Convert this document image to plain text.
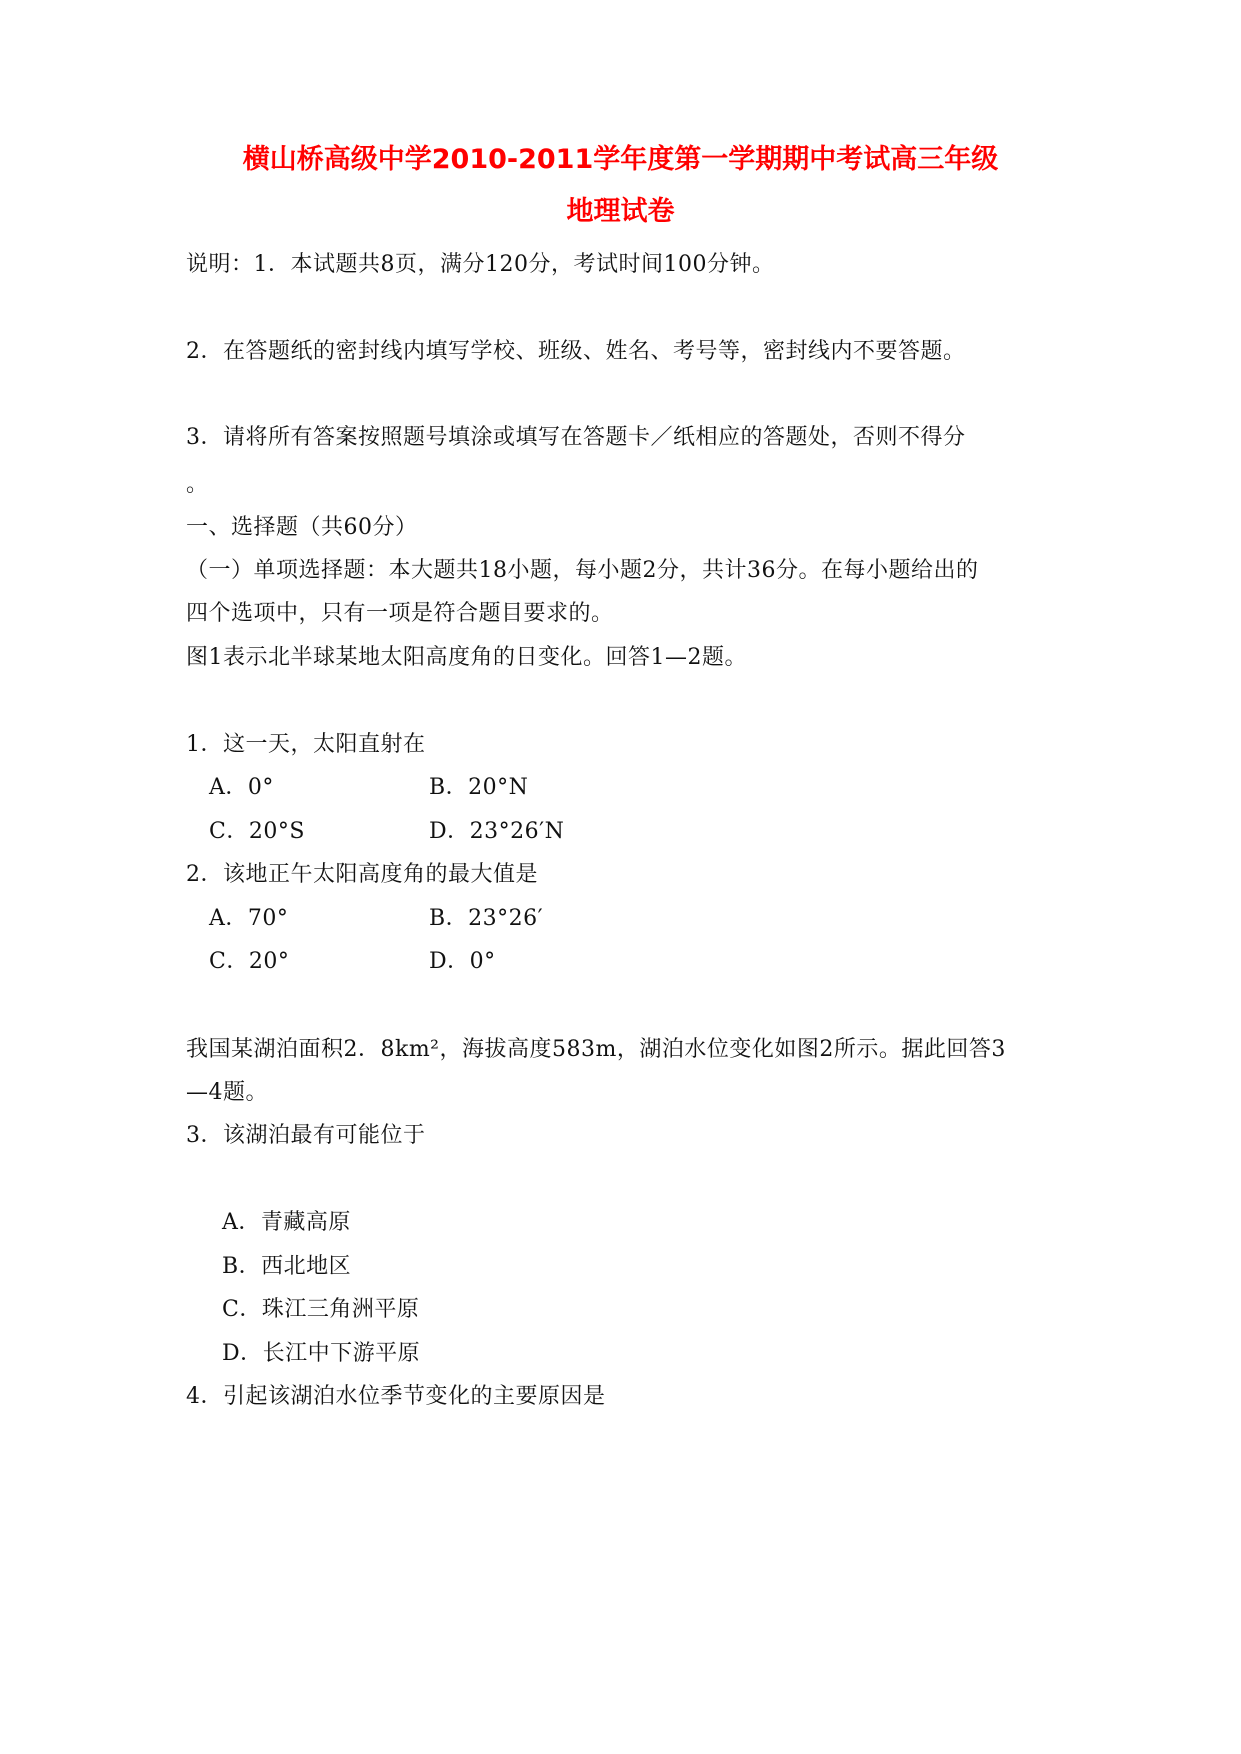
横山桥高级中学2010-2011学年度第一学期期中考试高三年级
地理试卷
说明：1．本试题共8页，满分120分，考试时间100分钟。
2．在答题纸的密封线内填写学校、班级、姓名、考号等，密封线内不要答题。
3．请将所有答案按照题号填涂或填写在答题卡／纸相应的答题处，否则不得分
。
一、选择题（共60分）
（一）单项选择题：本大题共18小题，每小题2分，共计36分。在每小题给出的
四个选项中，只有一项是符合题目要求的。
图1表示北半球某地太阳高度角的日变化。回答1—2题。
1．这一天，太阳直射在
A．0°	B．20°N
C．20°S	D．23°26′N
2．该地正午太阳高度角的最大值是
A．70°	B．23°26′
C．20°	D．0°
我国某湖泊面积2．8km²，海拔高度583m，湖泊水位变化如图2所示。据此回答3
—4题。
3．该湖泊最有可能位于
A．青藏高原
B．西北地区
C．珠江三角洲平原
D．长江中下游平原
4．引起该湖泊水位季节变化的主要原因是
